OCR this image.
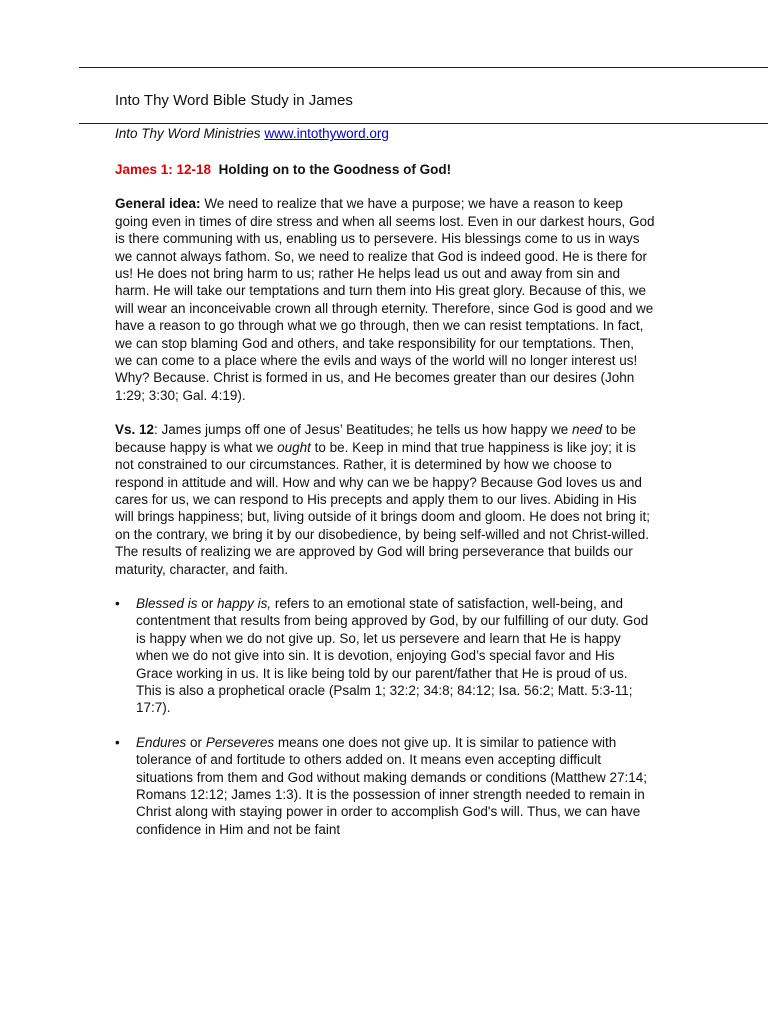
Into Thy Word Bible Study in James
Into Thy Word Ministries www.intothyword.org

James 1: 12-18 Holding on to the Goodness of God!

General idea: We need to realize that we have a purpose; we have a reason to keep going even in times of dire stress and when all seems lost. Even in our darkest hours, God is there communing with us, enabling us to persevere. His blessings come to us in ways we cannot always fathom. So, we need to realize that God is indeed good. He is there for us! He does not bring harm to us; rather He helps lead us out and away from sin and harm. He will take our temptations and turn them into His great glory. Because of this, we will wear an inconceivable crown all through eternity. Therefore, since God is good and we have a reason to go through what we go through, then we can resist temptations. In fact, we can stop blaming God and others, and take responsibility for our temptations. Then, we can come to a place where the evils and ways of the world will no longer interest us! Why? Because. Christ is formed in us, and He becomes greater than our desires (John 1:29; 3:30; Gal. 4:19).

Vs. 12: James jumps off one of Jesus’ Beatitudes; he tells us how happy we need to be because happy is what we ought to be. Keep in mind that true happiness is like joy; it is not constrained to our circumstances. Rather, it is determined by how we choose to respond in attitude and will. How and why can we be happy? Because God loves us and cares for us, we can respond to His precepts and apply them to our lives. Abiding in His will brings happiness; but, living outside of it brings doom and gloom. He does not bring it; on the contrary, we bring it by our disobedience, by being self-willed and not Christ-willed. The results of realizing we are approved by God will bring perseverance that builds our maturity, character, and faith.

• Blessed is or happy is, refers to an emotional state of satisfaction, well-being, and contentment that results from being approved by God, by our fulfilling of our duty. God is happy when we do not give up. So, let us persevere and learn that He is happy when we do not give into sin. It is devotion, enjoying God’s special favor and His Grace working in us. It is like being told by our parent/father that He is proud of us. This is also a prophetical oracle (Psalm 1; 32:2; 34:8; 84:12; Isa. 56:2; Matt. 5:3-11; 17:7).
• Endures or Perseveres means one does not give up. It is similar to patience with tolerance of and fortitude to others added on. It means even accepting difficult situations from them and God without making demands or conditions (Matthew 27:14; Romans 12:12; James 1:3). It is the possession of inner strength needed to remain in Christ along with staying power in order to accomplish God's will. Thus, we can have confidence in Him and not be faint
